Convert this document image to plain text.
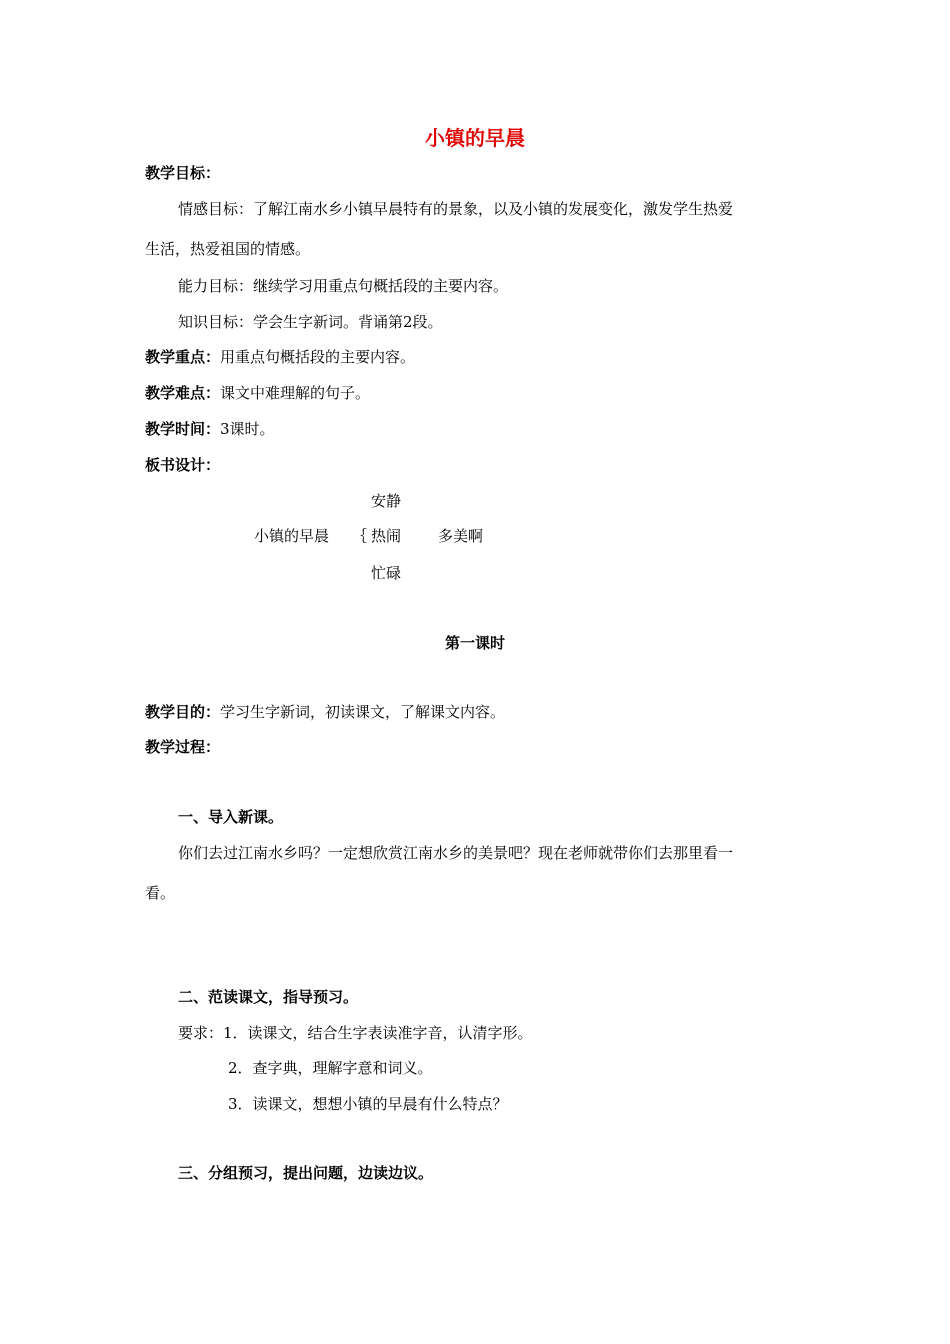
小镇的早晨
教学目标：
情感目标：了解江南水乡小镇早晨特有的景象，以及小镇的发展变化，激发学生热爱
生活，热爱祖国的情感。
能力目标：继续学习用重点句概括段的主要内容。
知识目标：学会生字新词。背诵第2段。
教学重点：用重点句概括段的主要内容。
教学难点：课文中难理解的句子。
教学时间：3课时。
板书设计：
安静
小镇的早晨 ｛ 热闹 多美啊
忙碌
第一课时
教学目的：学习生字新词，初读课文，了解课文内容。
教学过程：
一、导入新课。
你们去过江南水乡吗？一定想欣赏江南水乡的美景吧？现在老师就带你们去那里看一
看。
二、范读课文，指导预习。
要求：1．读课文，结合生字表读准字音，认清字形。
2．查字典，理解字意和词义。
3．读课文，想想小镇的早晨有什么特点？
三、分组预习，提出问题，边读边议。
